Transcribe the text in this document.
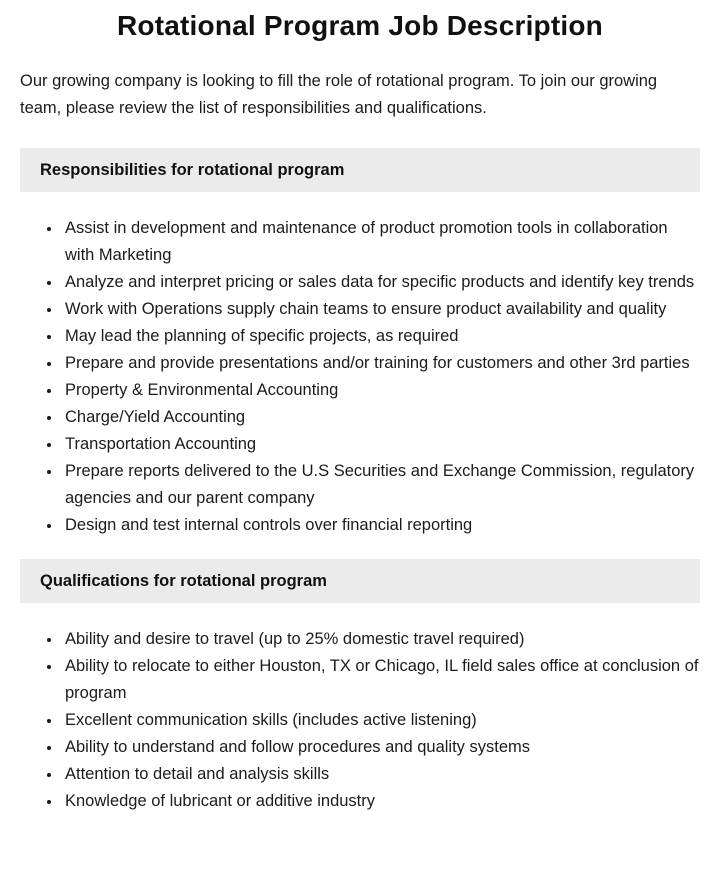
Rotational Program Job Description

Our growing company is looking to fill the role of rotational program. To join our growing team, please review the list of responsibilities and qualifications.

Responsibilities for rotational program
• Assist in development and maintenance of product promotion tools in collaboration with Marketing
• Analyze and interpret pricing or sales data for specific products and identify key trends
• Work with Operations supply chain teams to ensure product availability and quality
• May lead the planning of specific projects, as required
• Prepare and provide presentations and/or training for customers and other 3rd parties
• Property & Environmental Accounting
• Charge/Yield Accounting
• Transportation Accounting
• Prepare reports delivered to the U.S Securities and Exchange Commission, regulatory agencies and our parent company
• Design and test internal controls over financial reporting
Qualifications for rotational program
• Ability and desire to travel (up to 25% domestic travel required)
• Ability to relocate to either Houston, TX or Chicago, IL field sales office at conclusion of program
• Excellent communication skills (includes active listening)
• Ability to understand and follow procedures and quality systems
• Attention to detail and analysis skills
• Knowledge of lubricant or additive industry
